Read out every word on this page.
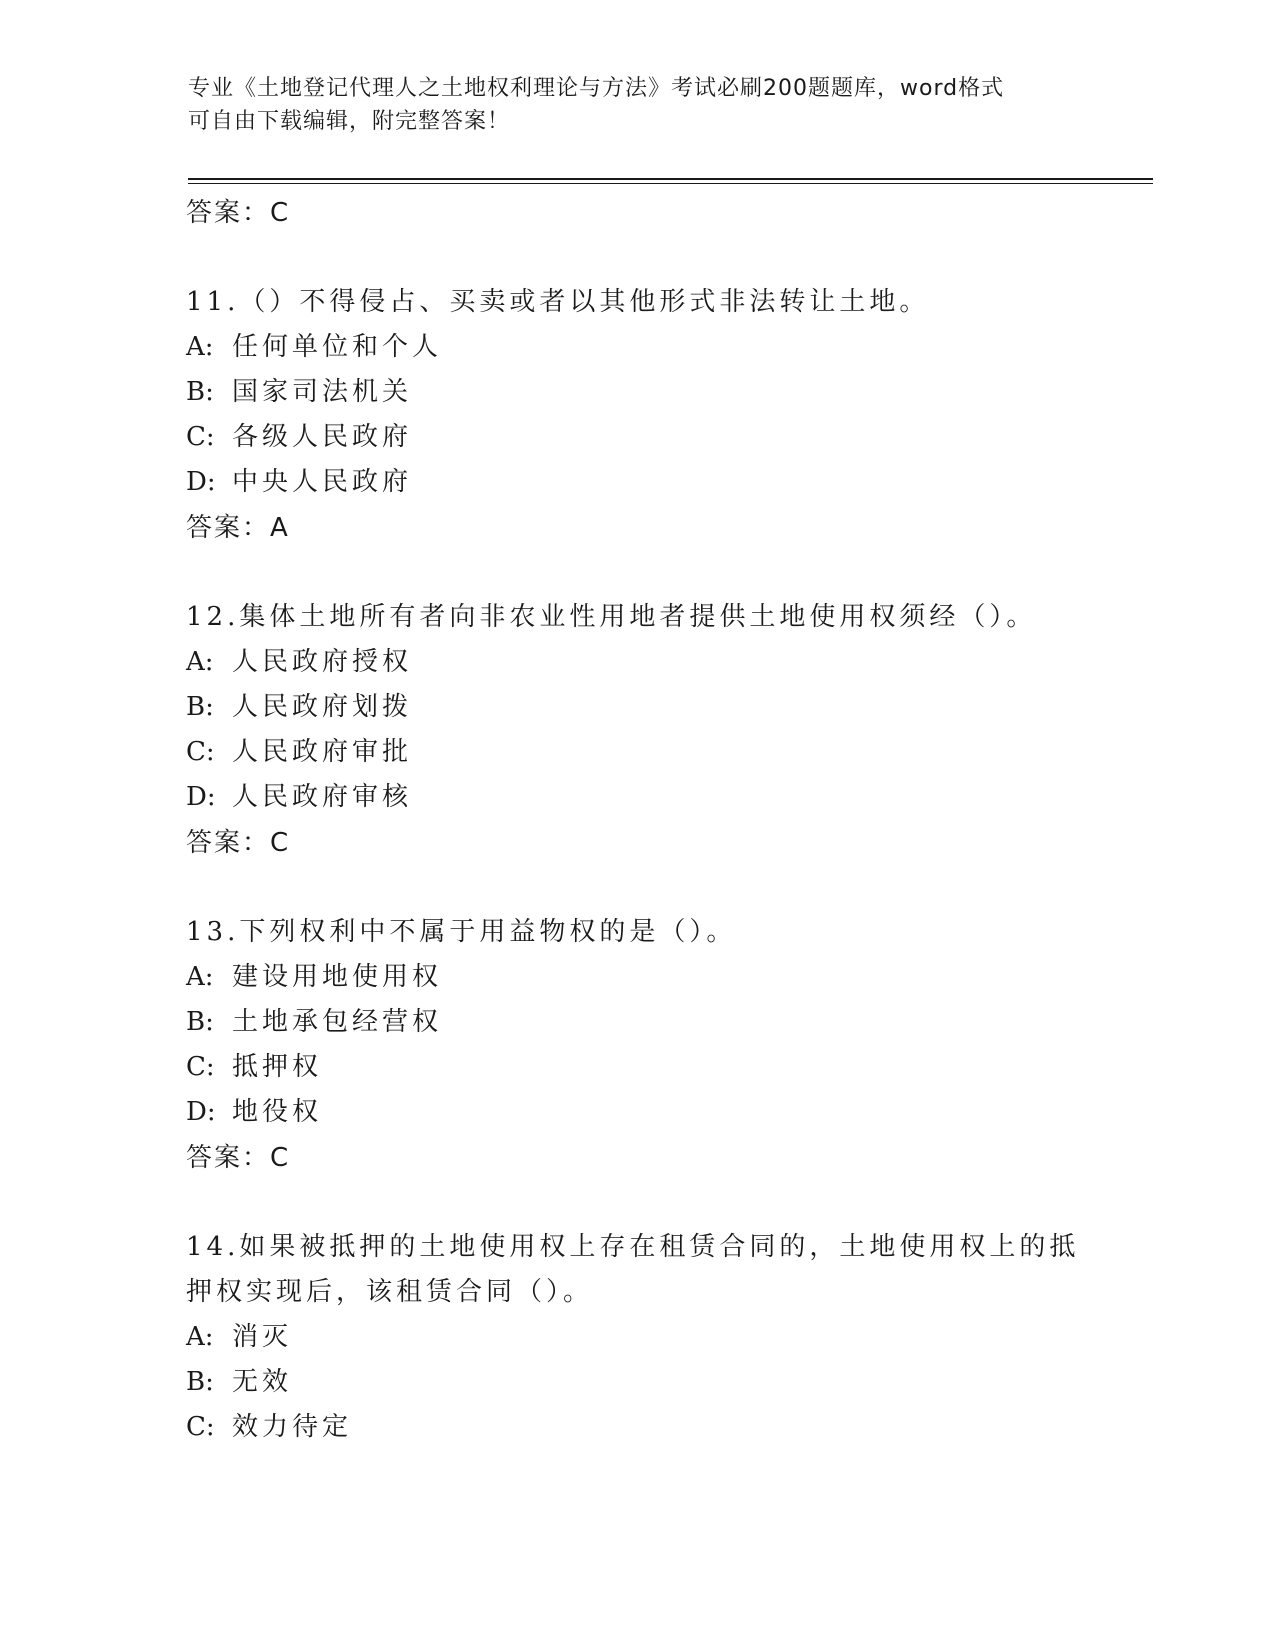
专业《土地登记代理人之土地权利理论与方法》考试必刷200题题库，word格式
可自由下载编辑，附完整答案！
答案：C

11.（）不得侵占、买卖或者以其他形式非法转让土地。

A: 任何单位和个人
B: 国家司法机关
C: 各级人民政府
D: 中央人民政府
答案：A

12.集体土地所有者向非农业性用地者提供土地使用权须经（）。

A: 人民政府授权
B: 人民政府划拨
C: 人民政府审批
D: 人民政府审核
答案：C

13.下列权利中不属于用益物权的是（）。

A: 建设用地使用权
B: 土地承包经营权
C: 抵押权
D: 地役权
答案：C

14.如果被抵押的土地使用权上存在租赁合同的，土地使用权上的抵押权实现后，该租赁合同（）。

A: 消灭
B: 无效
C: 效力待定
